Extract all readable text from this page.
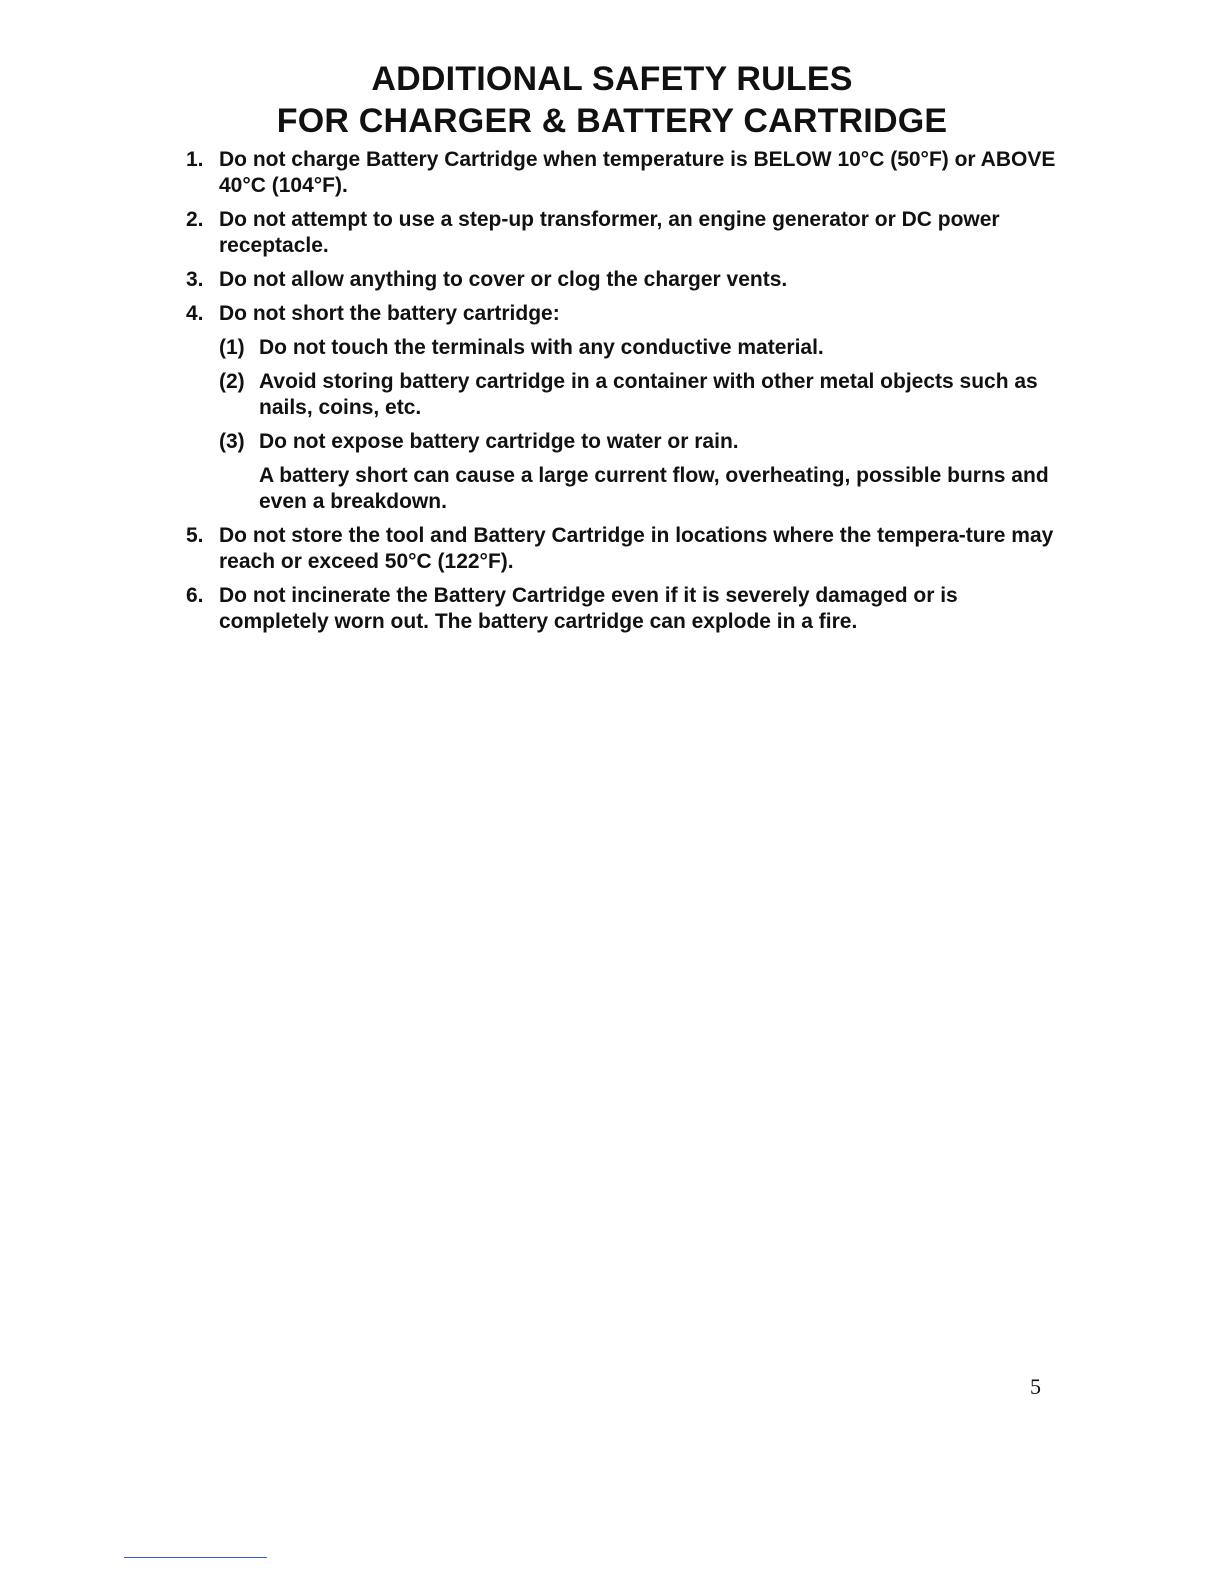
ADDITIONAL SAFETY RULES
FOR CHARGER & BATTERY CARTRIDGE
1. Do not charge Battery Cartridge when temperature is BELOW 10°C (50°F) or ABOVE 40°C (104°F).
2. Do not attempt to use a step-up transformer, an engine generator or DC power receptacle.
3. Do not allow anything to cover or clog the charger vents.
4. Do not short the battery cartridge:
(1) Do not touch the terminals with any conductive material.
(2) Avoid storing battery cartridge in a container with other metal objects such as nails, coins, etc.
(3) Do not expose battery cartridge to water or rain.
A battery short can cause a large current flow, overheating, possible burns and even a breakdown.
5. Do not store the tool and Battery Cartridge in locations where the tempera-ture may reach or exceed 50°C (122°F).
6. Do not incinerate the Battery Cartridge even if it is severely damaged or is completely worn out. The battery cartridge can explode in a fire.
5
